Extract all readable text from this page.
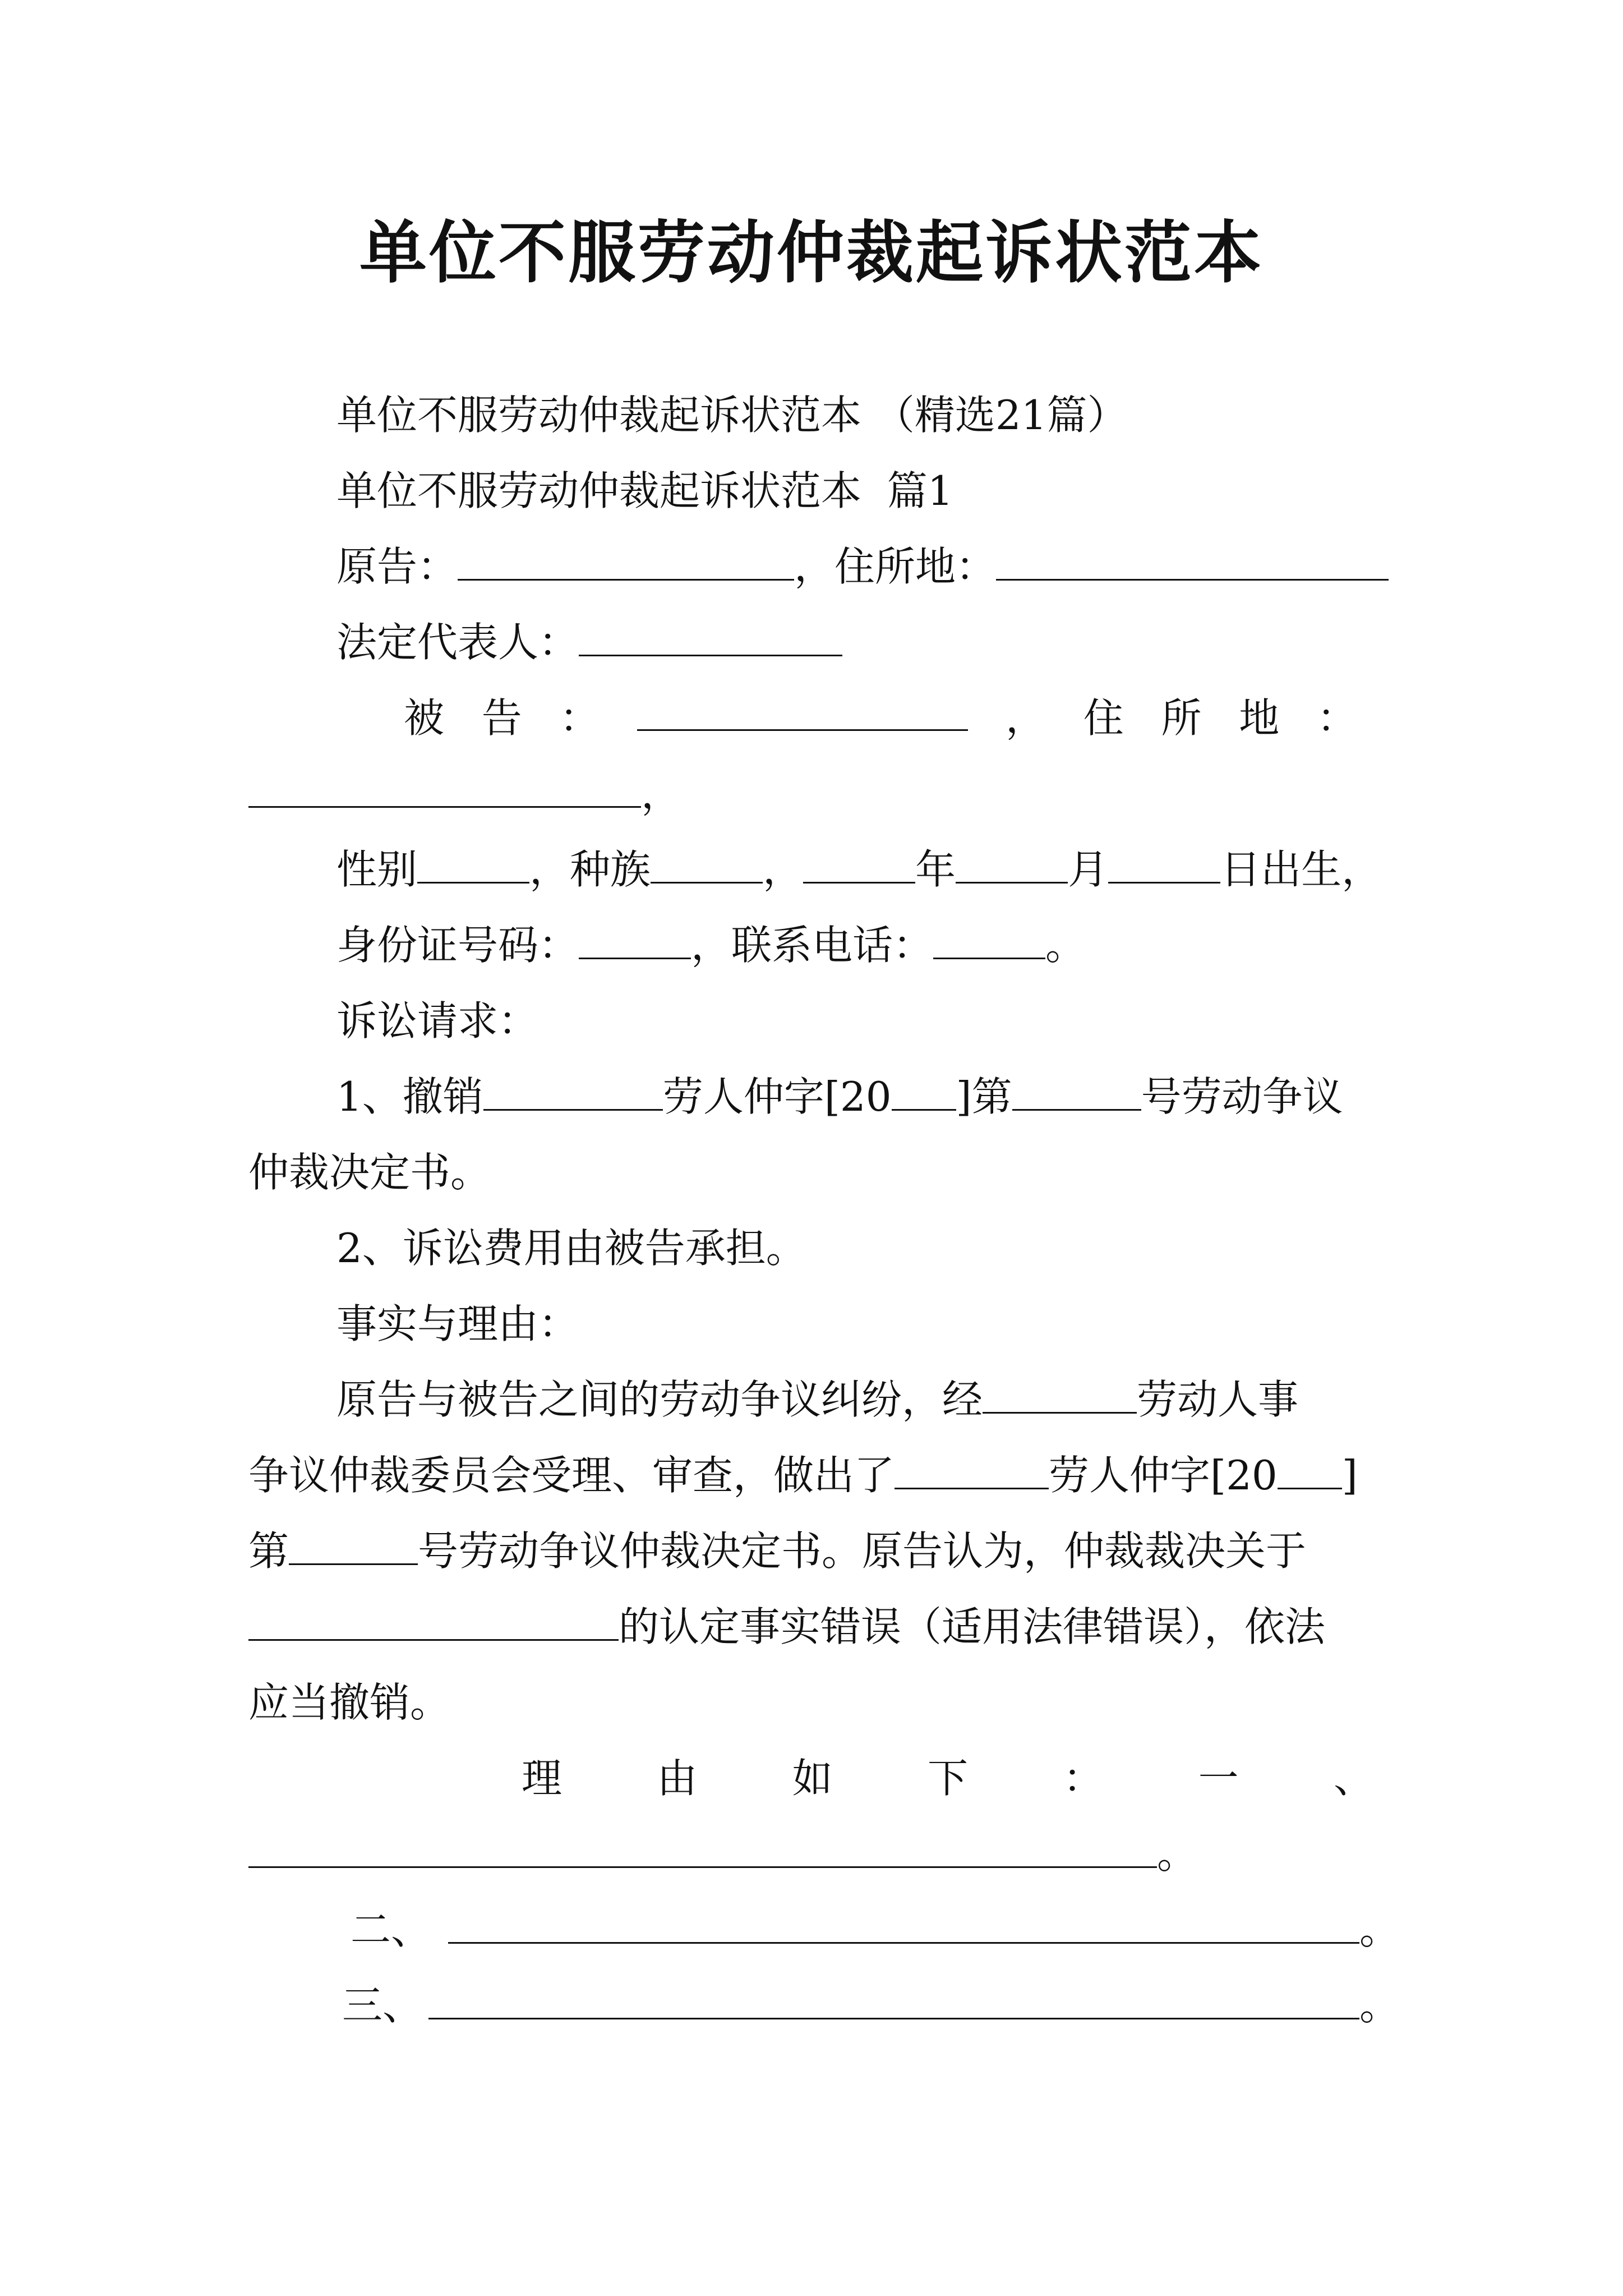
单位不服劳动仲裁起诉状范本
单位不服劳动仲裁起诉状范本 （精选21篇）
单位不服劳动仲裁起诉状范本  篇1
原告：	，住所地：
法定代表人：
被 告 ：	， 住 所 地 ：
，
性别	，种族	，	年	月	日出生，
身份证号码：	，联系电话：	。
诉讼请求：
1、撤销	劳人仲字[20 ]第	号劳动争议
仲裁决定书。
2、诉讼费用由被告承担。
事实与理由：
原告与被告之间的劳动争议纠纷，经	劳动人事
争议仲裁委员会受理、审查，做出了	劳人仲字[20 ]
第	号劳动争议仲裁决定书。原告认为，仲裁裁决关于
的认定事实错误（适用法律错误），依法
应当撤销。
理 由 如 下 ： 一 、
。
二、	。
三、	。
